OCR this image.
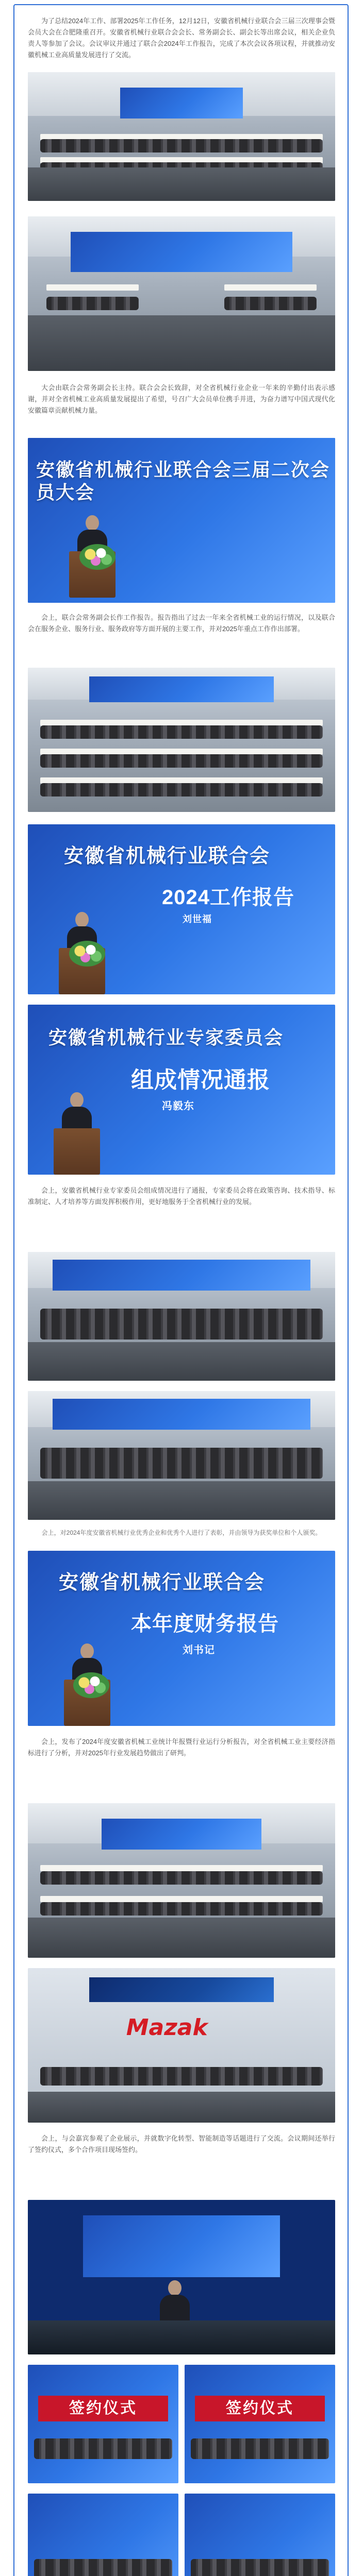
为了总结2024年工作、部署2025年工作任务，12月12日，安徽省机械行业联合会三届三次理事会暨会员大会在合肥隆重召开。安徽省机械行业联合会会长、常务副会长、副会长等出席会议，相关企业负责人等参加了会议。会议审议并通过了联合会2024年工作报告，完成了本次会议各项议程，并就推动安徽机械工业高质量发展进行了交流。

大会由联合会常务副会长主持。联合会会长致辞，对全省机械行业企业一年来的辛勤付出表示感谢，并对全省机械工业高质量发展提出了希望，号召广大会员单位携手并进，为奋力谱写中国式现代化安徽篇章贡献机械力量。

安徽省机械行业联合会三届二次会员大会

会上，联合会常务副会长作工作报告。报告指出了过去一年来全省机械工业的运行情况，以及联合会在服务企业、服务行业、服务政府等方面开展的主要工作，并对2025年重点工作作出部署。

安徽省机械行业联合会
2024工作报告
刘世福
安徽省机械行业专家委员会
组成情况通报
冯毅东

会上，安徽省机械行业专家委员会组成情况进行了通报，专家委员会将在政策咨询、技术指导、标准制定、人才培养等方面发挥积极作用，更好地服务于全省机械行业的发展。

会上，对2024年度安徽省机械行业优秀企业和优秀个人进行了表彰，并由领导为获奖单位和个人颁奖。

安徽省机械行业联合会
本年度财务报告
刘书记

会上，发布了2024年度安徽省机械工业统计年报暨行业运行分析报告，对全省机械工业主要经济指标进行了分析，并对2025年行业发展趋势做出了研判。

Mazak

会上，与会嘉宾参观了企业展示，并就数字化转型、智能制造等话题进行了交流。会议期间还举行了签约仪式，多个合作项目现场签约。

签约仪式	签约仪式
